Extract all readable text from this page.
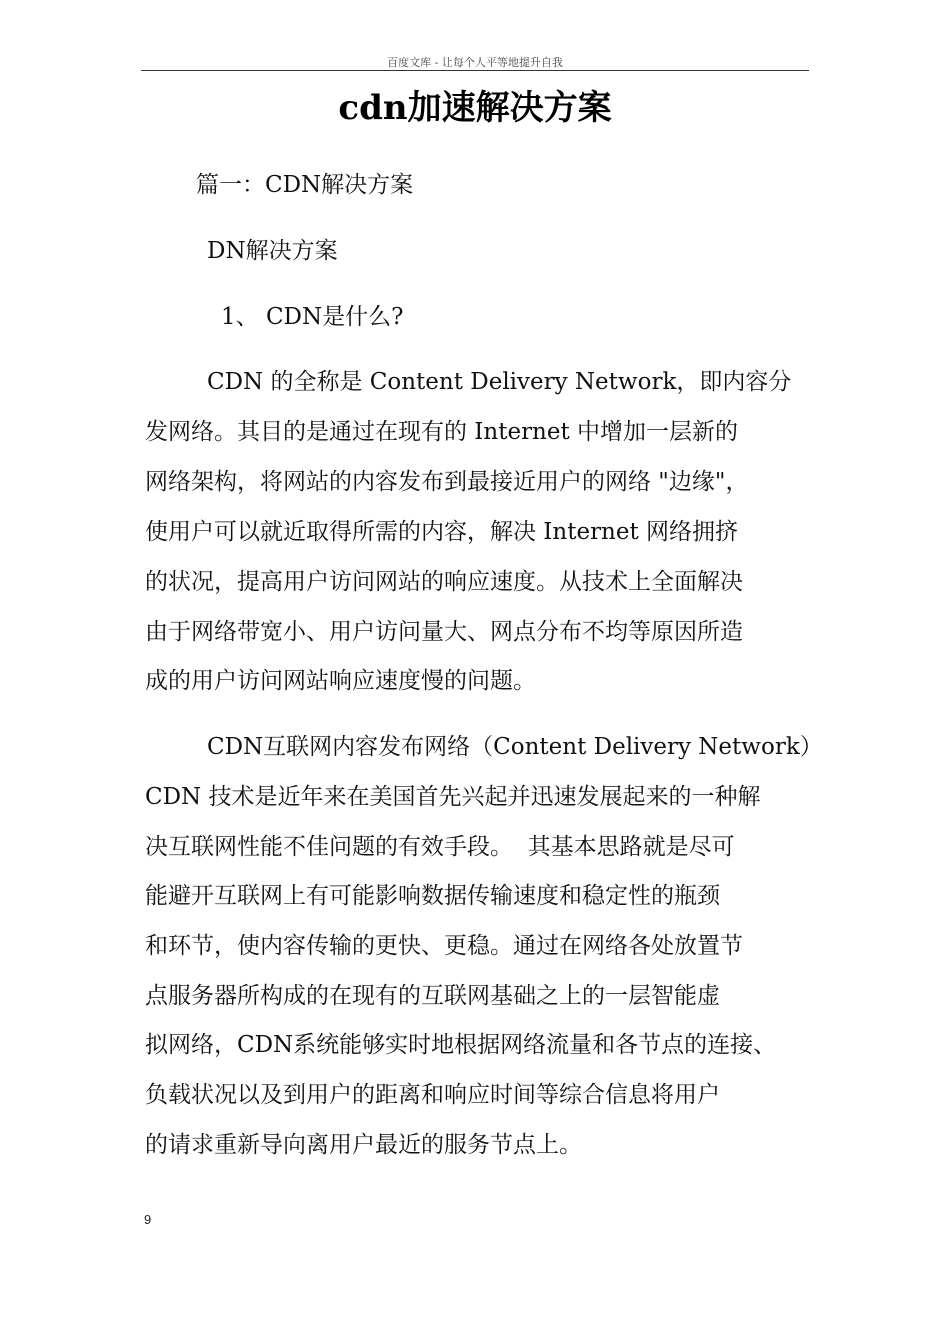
百度文库 - 让每个人平等地提升自我
cdn加速解决方案
篇一：CDN解决方案
DN解决方案
1、 CDN是什么?
CDN 的全称是 Content Delivery Network，即内容分
发网络。其目的是通过在现有的 Internet 中增加一层新的
网络架构，将网站的内容发布到最接近用户的网络 "边缘"，
使用户可以就近取得所需的内容，解决 Internet 网络拥挤
的状况，提高用户访问网站的响应速度。从技术上全面解决
由于网络带宽小、用户访问量大、网点分布不均等原因所造
成的用户访问网站响应速度慢的问题。
CDN互联网内容发布网络（Content Delivery Network）
CDN 技术是近年来在美国首先兴起并迅速发展起来的一种解
决互联网性能不佳问题的有效手段。  其基本思路就是尽可
能避开互联网上有可能影响数据传输速度和稳定性的瓶颈
和环节，使内容传输的更快、更稳。通过在网络各处放置节
点服务器所构成的在现有的互联网基础之上的一层智能虚
拟网络，CDN系统能够实时地根据网络流量和各节点的连接、
负载状况以及到用户的距离和响应时间等综合信息将用户
的请求重新导向离用户最近的服务节点上。
9
